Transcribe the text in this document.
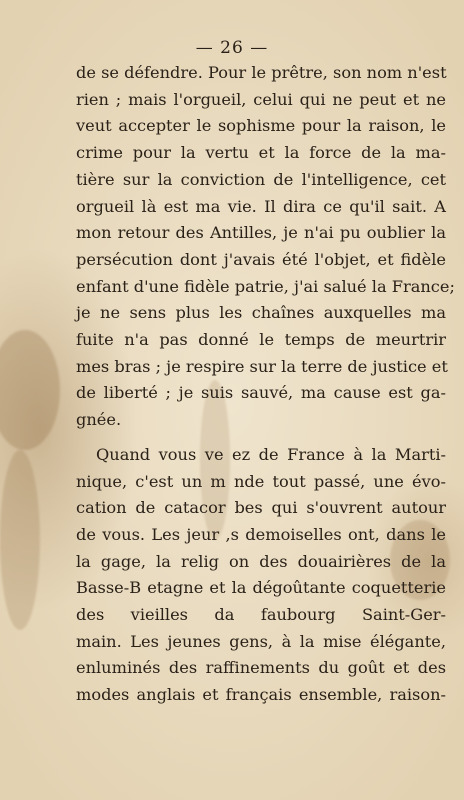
— 26 —
de se défendre. Pour le prêtre, son nom n'est
rien ; mais l'orgueil, celui qui ne peut et ne
veut accepter le sophisme pour la raison, le
crime pour la vertu et la force de la ma-
tière sur la conviction de l'intelligence, cet
orgueil là est ma vie. Il dira ce qu'il sait. A
mon retour des Antilles, je n'ai pu oublier la
persécution dont j'avais été l'objet, et fidèle
enfant d'une fidèle patrie, j'ai salué la France;
je ne sens plus les chaînes auxquelles ma
fuite n'a pas donné le temps de meurtrir
mes bras ; je respire sur la terre de justice et
de liberté ; je suis sauvé, ma cause est ga-
gnée.
Quand vous ve ez de France à la Marti-
nique, c'est un m nde tout passé, une évo-
cation de catacor bes qui s'ouvrent autour
de vous. Les jeur ,s demoiselles ont, dans le
la gage, la relig on des douairières de la
Basse-B etagne et la dégoûtante coquetterie
des vieilles da faubourg Saint-Ger-
main. Les jeunes gens, à la mise élégante,
enluminés des raffinements du goût et des
modes anglais et français ensemble, raison-
